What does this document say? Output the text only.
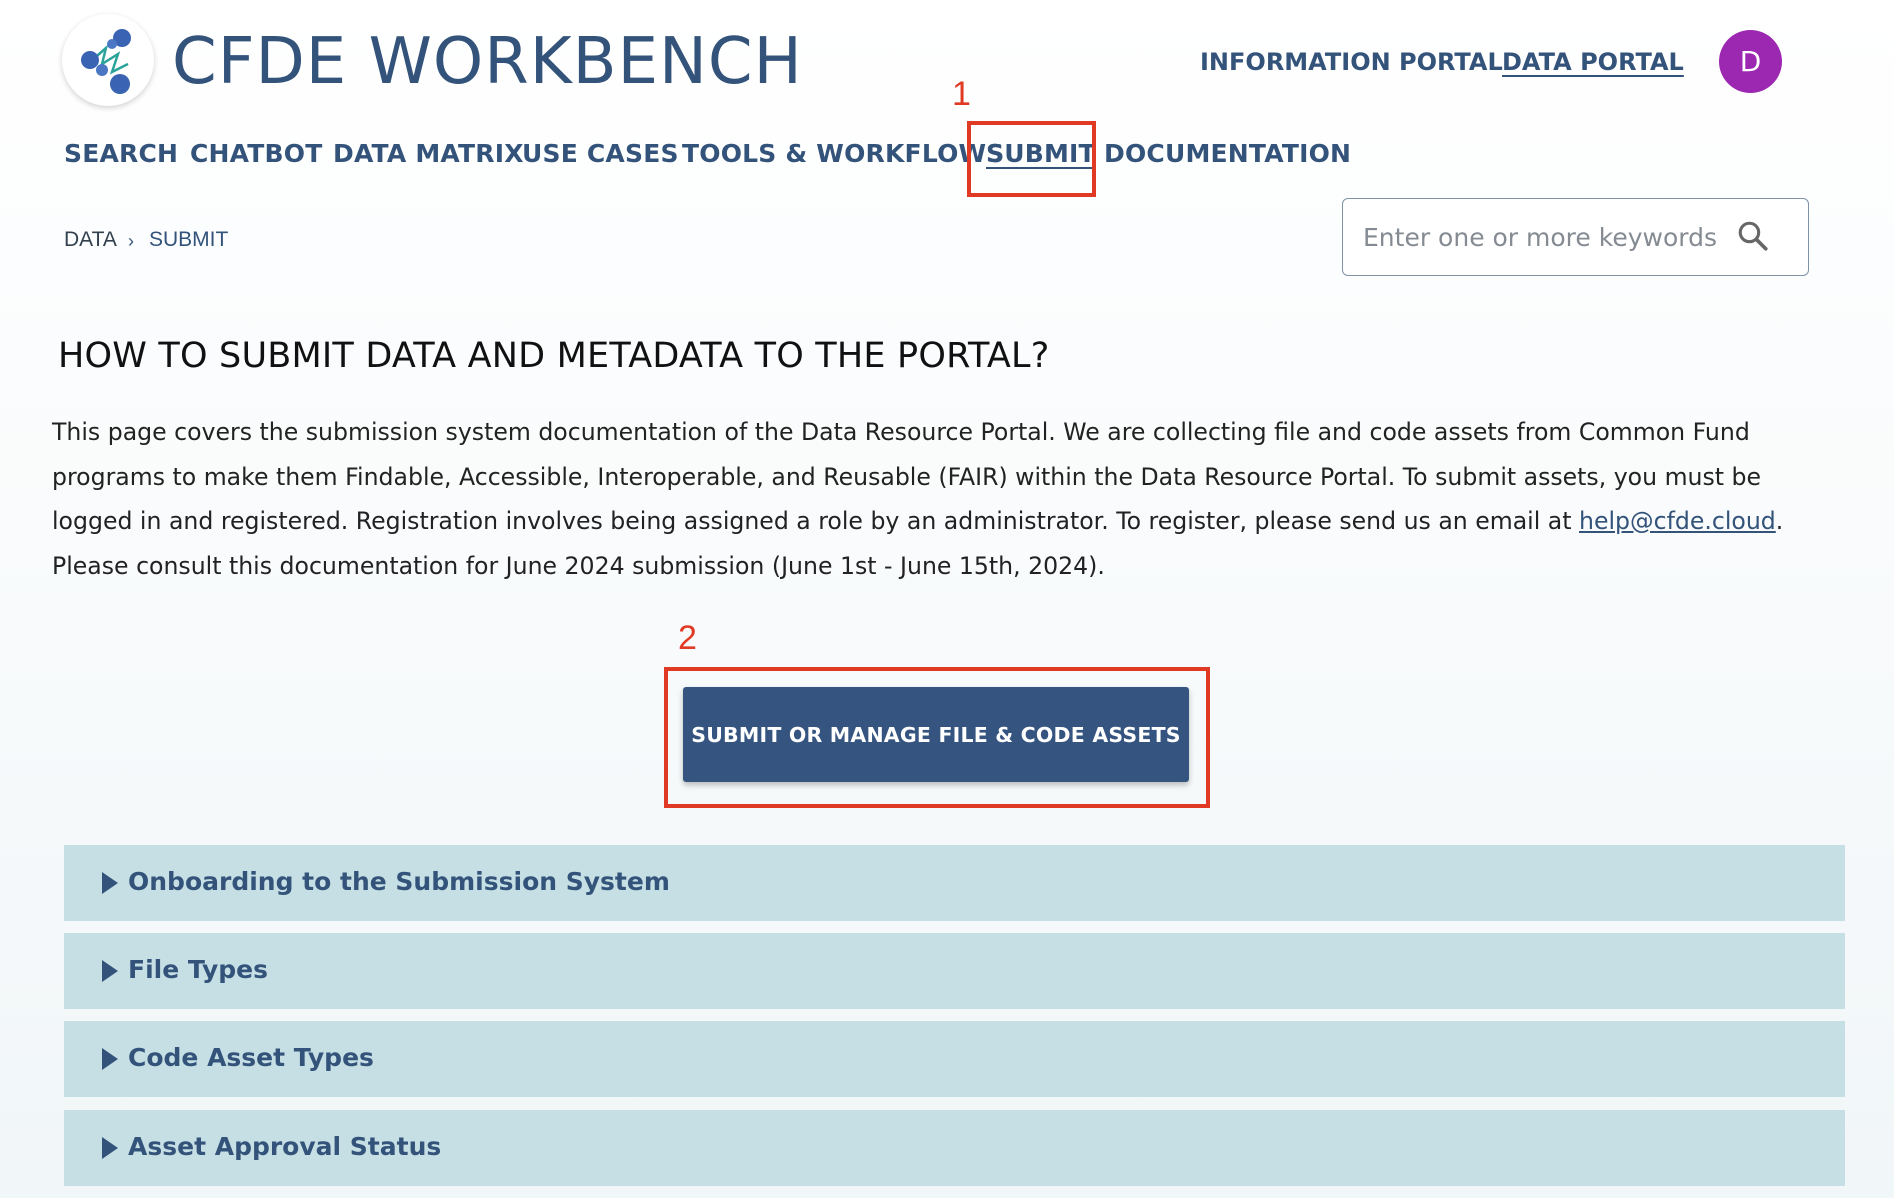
CFDE WORKBENCH	INFORMATION PORTAL DATA PORTAL	D
SEARCH CHATBOT DATA MATRIX
USE CASES TOOLS & WORKFLOWS
SUBMIT DOCUMENTATION
1
DATA › SUBMIT
Enter one or more keywords
HOW TO SUBMIT DATA AND METADATA TO THE PORTAL?

This page covers the submission system documentation of the Data Resource Portal. We are collecting file and code assets from Common Fund programs to make them Findable, Accessible, Interoperable, and Reusable (FAIR) within the Data Resource Portal. To submit assets, you must be logged in and registered. Registration involves being assigned a role by an administrator. To register, please send us an email at help@cfde.cloud. Please consult this documentation for June 2024 submission (June 1st - June 15th, 2024).

2
SUBMIT OR MANAGE FILE & CODE ASSETS
Onboarding to the Submission System
File Types
Code Asset Types
Asset Approval Status
